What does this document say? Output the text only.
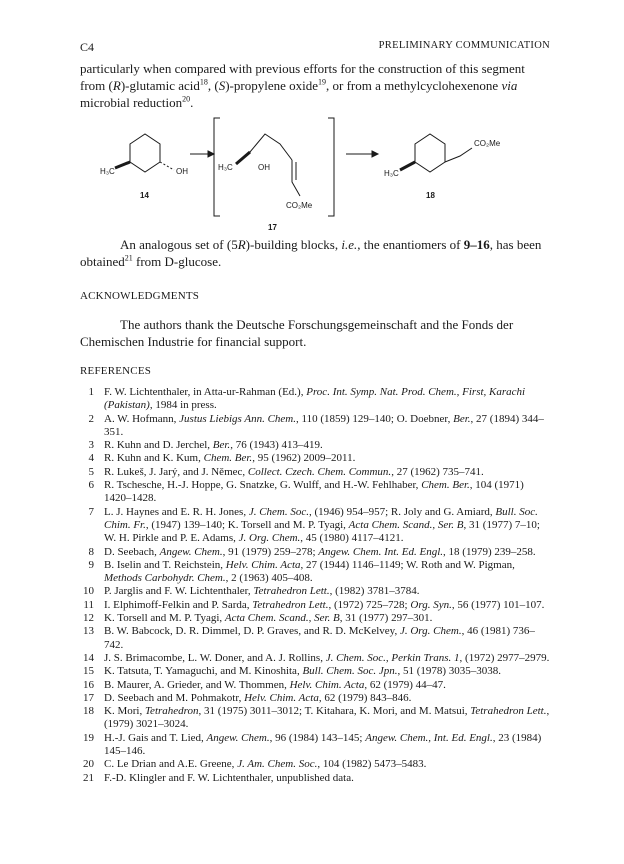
C4	PRELIMINARY COMMUNICATION
particularly when compared with previous efforts for the construction of this segment
from (R)-glutamic acid$^{18}$, (S)-propylene oxide$^{19}$, or from a methylcyclohexenone via
microbial reduction$^{20}$.
H₃C	OH
14
H₃C	OH
CO₂Me
17
H₃C
CO₂Me
18
An analogous set of (5R)-building blocks, i.e., the enantiomers of 9–16, has been obtained$^{21}$ from D-glucose.
ACKNOWLEDGMENTS
The authors thank the Deutsche Forschungsgemeinschaft and the Fonds der Chemischen Industrie for financial support.
REFERENCES
1 F. W. Lichtenthaler, in Atta-ur-Rahman (Ed.), Proc. Int. Symp. Nat. Prod. Chem., First, Karachi (Pakistan), 1984 in press.
2 A. W. Hofmann, Justus Liebigs Ann. Chem., 110 (1859) 129–140; O. Doebner, Ber., 27 (1894) 344–351.
3 R. Kuhn and D. Jerchel, Ber., 76 (1943) 413–419.
4 R. Kuhn and K. Kum, Chem. Ber., 95 (1962) 2009–2011.
5 R. Lukeš, J. Jarý, and J. Němec, Collect. Czech. Chem. Commun., 27 (1962) 735–741.
6 R. Tschesche, H.-J. Hoppe, G. Snatzke, G. Wulff, and H.-W. Fehlhaber, Chem. Ber., 104 (1971) 1420–1428.
7 L. J. Haynes and E. R. H. Jones, J. Chem. Soc., (1946) 954–957; R. Joly and G. Amiard, Bull. Soc. Chim. Fr., (1947) 139–140; K. Torsell and M. P. Tyagi, Acta Chem. Scand., Ser. B, 31 (1977) 7–10; W. H. Pirkle and P. E. Adams, J. Org. Chem., 45 (1980) 4117–4121.
8 D. Seebach, Angew. Chem., 91 (1979) 259–278; Angew. Chem. Int. Ed. Engl., 18 (1979) 239–258.
9 B. Iselin and T. Reichstein, Helv. Chim. Acta, 27 (1944) 1146–1149; W. Roth and W. Pigman, Methods Carbohydr. Chem., 2 (1963) 405–408.
10 P. Jarglis and F. W. Lichtenthaler, Tetrahedron Lett., (1982) 3781–3784.
11 I. Elphimoff-Felkin and P. Sarda, Tetrahedron Lett., (1972) 725–728; Org. Syn., 56 (1977) 101–107.
12 K. Torsell and M. P. Tyagi, Acta Chem. Scand., Ser. B, 31 (1977) 297–301.
13 B. W. Babcock, D. R. Dimmel, D. P. Graves, and R. D. McKelvey, J. Org. Chem., 46 (1981) 736–742.
14 J. S. Brimacombe, L. W. Doner, and A. J. Rollins, J. Chem. Soc., Perkin Trans. 1, (1972) 2977–2979.
15 K. Tatsuta, T. Yamaguchi, and M. Kinoshita, Bull. Chem. Soc. Jpn., 51 (1978) 3035–3038.
16 B. Maurer, A. Grieder, and W. Thommen, Helv. Chim. Acta, 62 (1979) 44–47.
17 D. Seebach and M. Pohmakotr, Helv. Chim. Acta, 62 (1979) 843–846.
18 K. Mori, Tetrahedron, 31 (1975) 3011–3012; T. Kitahara, K. Mori, and M. Matsui, Tetrahedron Lett., (1979) 3021–3024.
19 H.-J. Gais and T. Lied, Angew. Chem., 96 (1984) 143–145; Angew. Chem., Int. Ed. Engl., 23 (1984) 145–146.
20 C. Le Drian and A.E. Greene, J. Am. Chem. Soc., 104 (1982) 5473–5483.
21 F.-D. Klingler and F. W. Lichtenthaler, unpublished data.
